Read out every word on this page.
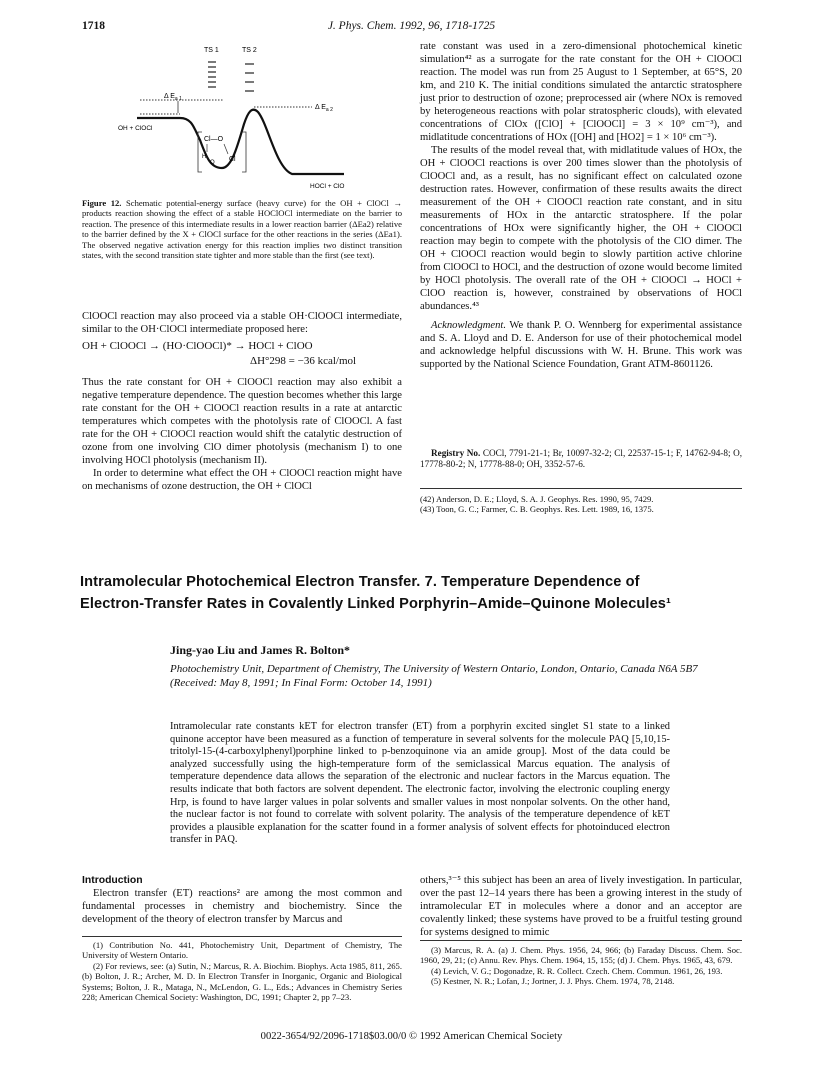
1718	J. Phys. Chem. 1992, 96, 1718-1725
TS 1	TS 2
Δ $E_{a 1}$
Δ $E_{a 2}$
OH + ClOCl
HOCl + ClO
Cl—O
Cl
H
O

Figure 12. Schematic potential-energy surface (heavy curve) for the OH + ClOCl → products reaction showing the effect of a stable HOClOCl intermediate on the barrier to reaction. The presence of this intermediate results in a lower reaction barrier (ΔEa2) relative to the barrier defined by the X + ClOCl surface for the other reactions in the series (ΔEa1). The observed negative activation energy for this reaction implies two distinct transition states, with the second transition state tighter and more stable than the first (see text).

ClOOCl reaction may also proceed via a stable OH·ClOOCl intermediate, similar to the OH·ClOCl intermediate proposed here:

OH + ClOOCl → (HO·ClOOCl)* → HOCl + ClOO
ΔH°298 = −36 kcal/mol

Thus the rate constant for OH + ClOOCl reaction may also exhibit a negative temperature dependence. The question becomes whether this large rate constant for the OH + ClOOCl reaction results in a rate at antarctic temperatures which competes with the photolysis rate of ClOOCl. A fast rate for the OH + ClOOCl reaction would shift the catalytic destruction of ozone from one involving ClO dimer photolysis (mechanism I) to one involving HOCl photolysis (mechanism II).

In order to determine what effect the OH + ClOOCl reaction might have on mechanisms of ozone destruction, the OH + ClOCl

rate constant was used in a zero-dimensional photochemical kinetic simulation⁴² as a surrogate for the rate constant for the OH + ClOOCl reaction. The model was run from 25 August to 1 September, at 65°S, 20 km, and 210 K. The initial conditions simulated the antarctic stratosphere just prior to destruction of ozone; preprocessed air (where NOx is removed by heterogeneous reactions with polar stratospheric clouds), with elevated concentrations of ClOx ([ClO] + [ClOOCl] = 3 × 10⁹ cm⁻³), and midlatitude concentrations of HOx ([OH] and [HO2] = 1 × 10⁶ cm⁻³).

The results of the model reveal that, with midlatitude values of HOx, the OH + ClOOCl reactions is over 200 times slower than the photolysis of ClOOCl and, as a result, has no significant effect on calculated ozone destruction rates. However, confirmation of these results awaits the direct measurement of the OH + ClOOCl reaction rate constant, and in situ measurements of HOx in the antarctic stratosphere. If the polar concentrations of HOx were significantly higher, the OH + ClOOCl reaction may begin to compete with the photolysis of the ClO dimer. The OH + ClOOCl reaction would begin to slowly partition active chlorine from ClOOCl to HOCl, and the destruction of ozone would become limited by HOCl photolysis. The overall rate of the OH + ClOOCl → HOCl + ClOO reaction is, however, constrained by observations of HOCl abundances.⁴³

Acknowledgment. We thank P. O. Wennberg for experimental assistance and S. A. Lloyd and D. E. Anderson for use of their photochemical model and acknowledge helpful discussions with W. H. Brune. This work was supported by the National Science Foundation, Grant ATM-8601126.

Registry No. COCl, 7791-21-1; Br, 10097-32-2; Cl, 22537-15-1; F, 14762-94-8; O, 17778-80-2; N, 17778-88-0; OH, 3352-57-6.

(42) Anderson, D. E.; Lloyd, S. A. J. Geophys. Res. 1990, 95, 7429.

(43) Toon, G. C.; Farmer, C. B. Geophys. Res. Lett. 1989, 16, 1375.

Intramolecular Photochemical Electron Transfer. 7. Temperature Dependence of
Electron-Transfer Rates in Covalently Linked Porphyrin–Amide–Quinone Molecules¹
Jing-yao Liu and James R. Bolton*
Photochemistry Unit, Department of Chemistry, The University of Western Ontario, London, Ontario, Canada N6A 5B7 (Received: May 8, 1991; In Final Form: October 14, 1991)
Intramolecular rate constants kET for electron transfer (ET) from a porphyrin excited singlet S1 state to a linked quinone acceptor have been measured as a function of temperature in several solvents for the molecule PAQ [5,10,15-tritolyl-15-(4-carboxylphenyl)porphine linked to p-benzoquinone via an amide group]. Most of the data could be analyzed successfully using the high-temperature form of the semiclassical Marcus equation. The analysis of temperature dependence data allows the separation of the electronic and nuclear factors in the Marcus equation. The results indicate that both factors are solvent dependent. The electronic factor, involving the electronic coupling energy Hrp, is found to have larger values in polar solvents and smaller values in most nonpolar solvents. On the other hand, the nuclear factor is not found to correlate with solvent polarity. The analysis of the temperature dependence of kET provides a plausible explanation for the scatter found in a former analysis of solvent effects for photoinduced electron transfer in PAQ.

Introduction

Electron transfer (ET) reactions² are among the most common and fundamental processes in chemistry and biochemistry. Since the development of the theory of electron transfer by Marcus and

others,³⁻⁵ this subject has been an area of lively investigation. In particular, over the past 12–14 years there has been a growing interest in the study of intramolecular ET in molecules where a donor and an acceptor are covalently linked; these systems have proved to be a fruitful testing ground for systems designed to mimic

(1) Contribution No. 441, Photochemistry Unit, Department of Chemistry, The University of Western Ontario.

(2) For reviews, see: (a) Sutin, N.; Marcus, R. A. Biochim. Biophys. Acta 1985, 811, 265. (b) Bolton, J. R.; Archer, M. D. In Electron Transfer in Inorganic, Organic and Biological Systems; Bolton, J. R., Mataga, N., McLendon, G. L., Eds.; Advances in Chemistry Series 228; American Chemical Society: Washington, DC, 1991; Chapter 2, pp 7–23.

(3) Marcus, R. A. (a) J. Chem. Phys. 1956, 24, 966; (b) Faraday Discuss. Chem. Soc. 1960, 29, 21; (c) Annu. Rev. Phys. Chem. 1964, 15, 155; (d) J. Chem. Phys. 1965, 43, 679.

(4) Levich, V. G.; Dogonadze, R. R. Collect. Czech. Chem. Commun. 1961, 26, 193.

(5) Kestner, N. R.; Lofan, J.; Jortner, J. J. Phys. Chem. 1974, 78, 2148.

0022-3654/92/2096-1718$03.00/0 © 1992 American Chemical Society
